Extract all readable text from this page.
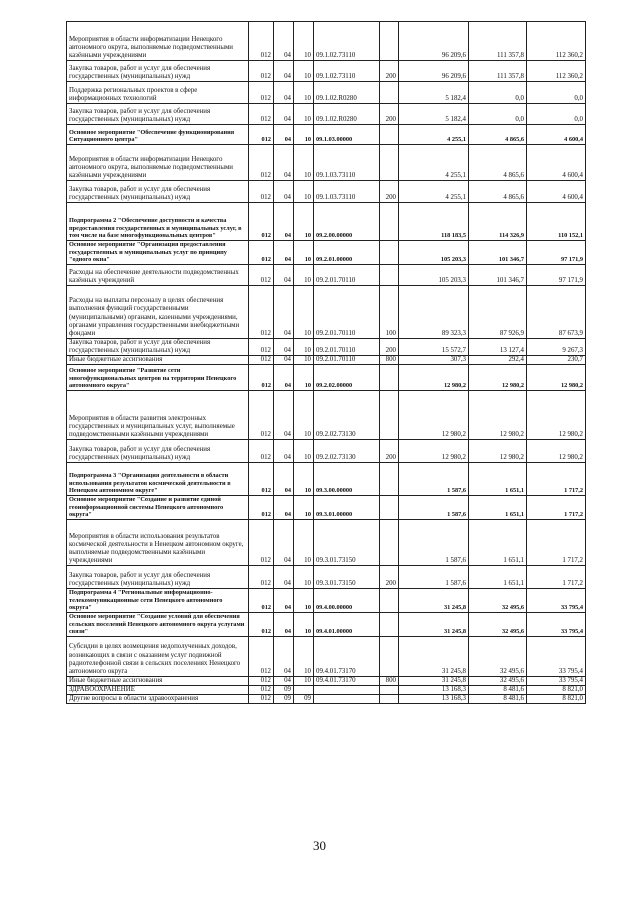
Мероприятия в области информатизации Ненецкого автономного округа, выполняемые подведомственными казёнными учреждениями	012	04	10	09.1.02.73110		96 209,6	111 357,8	112 360,2
Закупка товаров, работ и услуг для обеспечения государственных (муниципальных) нужд	012	04	10	09.1.02.73110	200	96 209,6	111 357,8	112 360,2
Поддержка региональных проектов в сфере информационных технологий	012	04	10	09.1.02.R0280		5 182,4	0,0	0,0
Закупка товаров, работ и услуг для обеспечения государственных (муниципальных) нужд	012	04	10	09.1.02.R0280	200	5 182,4	0,0	0,0
Основное мероприятие "Обеспечение функционирования Ситуационного центра"	012	04	10	09.1.03.00000		4 255,1	4 865,6	4 600,4
Мероприятия в области информатизации Ненецкого автономного округа, выполняемые подведомственными казёнными учреждениями	012	04	10	09.1.03.73110		4 255,1	4 865,6	4 600,4
Закупка товаров, работ и услуг для обеспечения государственных (муниципальных) нужд	012	04	10	09.1.03.73110	200	4 255,1	4 865,6	4 600,4
Подпрограмма 2 "Обеспечение доступности и качества предоставления государственных и муниципальных услуг, в том числе на базе многофункциональных центров"	012	04	10	09.2.00.00000		118 183,5	114 326,9	110 152,1
Основное мероприятие "Организация предоставления государственных и муниципальных услуг по принципу "одного окна"	012	04	10	09.2.01.00000		105 203,3	101 346,7	97 171,9
Расходы на обеспечение деятельности подведомственных казённых учреждений	012	04	10	09.2.01.70110		105 203,3	101 346,7	97 171,9
Расходы на выплаты персоналу в целях обеспечения выполнения функций государственными (муниципальными) органами, казенными учреждениями, органами управления государственными внебюджетными фондами	012	04	10	09.2.01.70110	100	89 323,3	87 926,9	87 673,9
Закупка товаров, работ и услуг для обеспечения государственных (муниципальных) нужд	012	04	10	09.2.01.70110	200	15 572,7	13 127,4	9 267,3
Иные бюджетные ассигнования	012	04	10	09.2.01.70110	800	307,3	292,4	230,7
Основное мероприятие "Развитие сети многофункциональных центров на территории Ненецкого автономного округа"	012	04	10	09.2.02.00000		12 980,2	12 980,2	12 980,2
Мероприятия в области развития электронных государственных и муниципальных услуг, выполняемые подведомственными казёнными учреждениями	012	04	10	09.2.02.73130		12 980,2	12 980,2	12 980,2
Закупка товаров, работ и услуг для обеспечения государственных (муниципальных) нужд	012	04	10	09.2.02.73130	200	12 980,2	12 980,2	12 980,2
Подпрограмма 3 "Организация деятельности в области использования результатов космической деятельности в Ненецком автономном округе"	012	04	10	09.3.00.00000		1 587,6	1 651,1	1 717,2
Основное мероприятие "Создание и развитие единой геоинформационной системы Ненецкого автономного округа"	012	04	10	09.3.01.00000		1 587,6	1 651,1	1 717,2
Мероприятия в области использования результатов космической деятельности в Ненецком автономном округе, выполняемые подведомственными казёнными учреждениями	012	04	10	09.3.01.73150		1 587,6	1 651,1	1 717,2
Закупка товаров, работ и услуг для обеспечения государственных (муниципальных) нужд	012	04	10	09.3.01.73150	200	1 587,6	1 651,1	1 717,2
Подпрограмма 4 "Региональные информационно-телекоммуникационные сети Ненецкого автономного округа"	012	04	10	09.4.00.00000		31 245,8	32 495,6	33 795,4
Основное мероприятие "Создание условий для обеспечения сельских поселений Ненецкого автономного округа услугами связи"	012	04	10	09.4.01.00000		31 245,8	32 495,6	33 795,4
Субсидии в целях возмещения недополученных доходов, возникающих в связи с оказанием услуг подвижной радиотелефонной связи в сельских поселениях Ненецкого автономного округа	012	04	10	09.4.01.73170		31 245,8	32 495,6	33 795,4
Иные бюджетные ассигнования	012	04	10	09.4.01.73170	800	31 245,8	32 495,6	33 795,4
ЗДРАВООХРАНЕНИЕ	012	09				13 168,3	8 481,6	8 821,0
Другие вопросы в области здравоохранения	012	09	09			13 168,3	8 481,6	8 821,0
30
